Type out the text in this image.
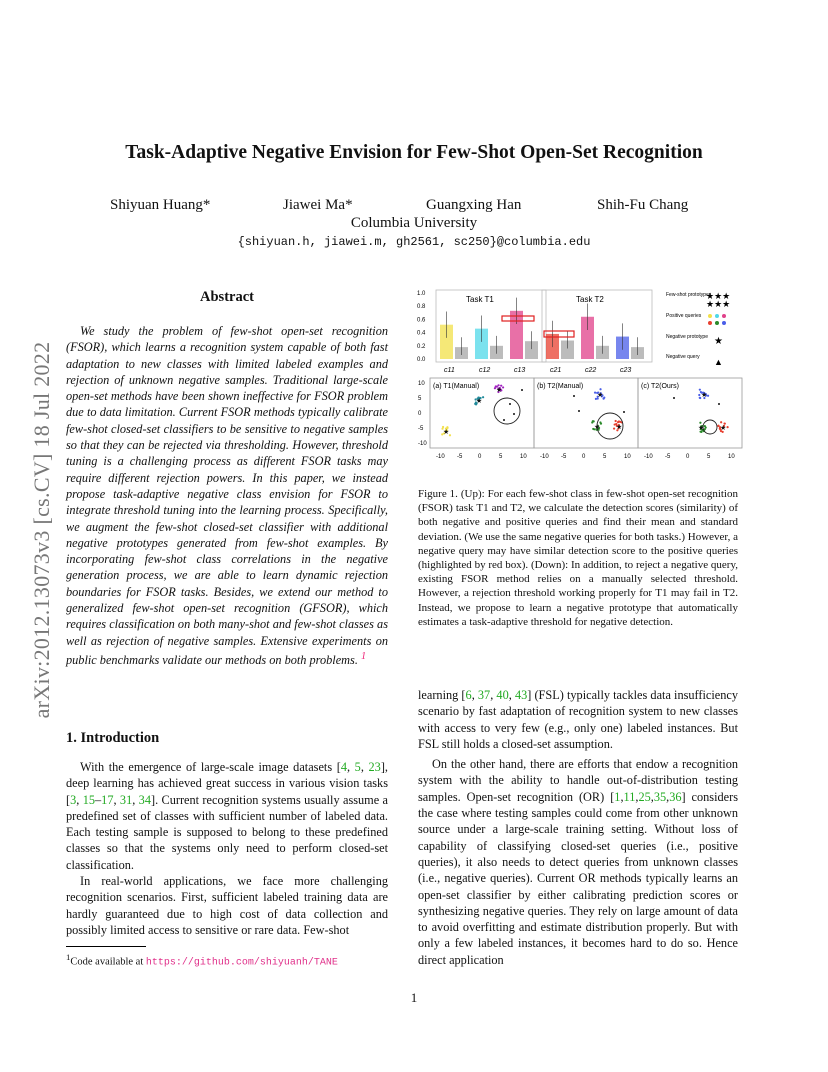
arXiv:2012.13073v3 [cs.CV] 18 Jul 2022
Task-Adaptive Negative Envision for Few-Shot Open-Set Recognition
Shiyuan Huang*	Jiawei Ma*	Guangxing Han	Shih-Fu Chang
Columbia University
{shiyuan.h, jiawei.m, gh2561, sc250}@columbia.edu
Abstract

We study the problem of few-shot open-set recognition (FSOR), which learns a recognition system capable of both fast adaptation to new classes with limited labeled examples and rejection of unknown negative samples. Traditional large-scale open-set methods have been shown ineffective for FSOR problem due to data limitation. Current FSOR methods typically calibrate few-shot closed-set classifiers to be sensitive to negative samples so that they can be rejected via thresholding. However, threshold tuning is a challenging process as different FSOR tasks may require different rejection powers. In this paper, we instead propose task-adaptive negative class envision for FSOR to integrate threshold tuning into the learning process. Specifically, we augment the few-shot closed-set classifier with additional negative prototypes generated from few-shot examples. By incorporating few-shot class correlations in the negative generation process, we are able to learn dynamic rejection boundaries for FSOR tasks. Besides, we extend our method to generalized few-shot open-set recognition (GFSOR), which requires classification on both many-shot and few-shot classes as well as rejection of negative samples. Extensive experiments on public benchmarks validate our methods on both problems. $^1$

1. Introduction

With the emergence of large-scale image datasets [4, 5, 23], deep learning has achieved great success in various vision tasks [3, 15–17, 31, 34]. Current recognition systems usually assume a predefined set of classes with sufficient number of labeled data. Each testing sample is supposed to belong to these predefined classes so that the systems only need to perform closed-set classification.

In real-world applications, we face more challenging recognition scenarios. First, sufficient labeled training data are hardly guaranteed due to high cost of data collection and possibly limited access to sensitive or rare data. Few-shot

$^1$Code available at https://github.com/shiyuanh/TANE
1.0
0.8
0.6
0.4
0.2
0.0
Task T1	Task T2
c11	c12	c13	c21	c22	c23
Few-shot prototypes
★★★
★★★
Positive queries
Negative prototype ★
Negative query ▲
(a) T1(Manual)	(b) T2(Manual)	(c) T2(Ours)
10
5
0
-5
-10
-10 -5	0	5	10 -10 -5	0	5	10 -10 -5	0	5	10
★
★
★
★
★ ★
★
★ ★
Figure 1. (Up): For each few-shot class in few-shot open-set recognition (FSOR) task T1 and T2, we calculate the detection scores (similarity) of both negative and positive queries and find their mean and standard deviation. (We use the same negative queries for both tasks.) However, a negative query may have similar detection score to the positive queries (highlighted by red box). (Down): In addition, to reject a negative query, existing FSOR method relies on a manually selected threshold. However, a rejection threshold working properly for T1 may fail in T2. Instead, we propose to learn a negative prototype that automatically estimates a task-adaptive threshold for negative detection.

learning [6, 37, 40, 43] (FSL) typically tackles data insufficiency scenario by fast adaptation of recognition system to new classes with access to very few (e.g., only one) labeled instances. But FSL still holds a closed-set assumption.

On the other hand, there are efforts that endow a recognition system with the ability to handle out-of-distribution testing samples. Open-set recognition (OR) [1,11,25,35,36] considers the case where testing samples could come from other unknown source under a large-scale training setting. Without loss of capability of classifying closed-set queries (i.e., positive queries), it also needs to detect queries from unknown classes (i.e., negative queries). Current OR methods typically learns an open-set classifier by either calibrating prediction scores or synthesizing negative queries. They rely on large amount of data to avoid overfitting and estimate distribution properly. But with only a few labeled instances, it becomes hard to do so. Hence direct application

1
